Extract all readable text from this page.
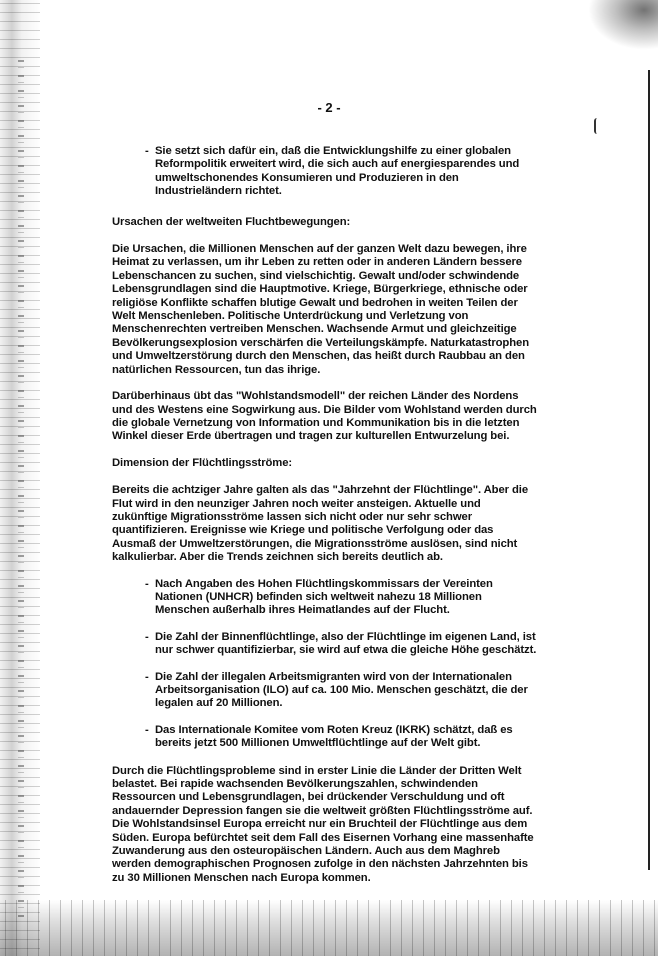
- 2 -

- Sie setzt sich dafür ein, daß die Entwicklungshilfe zu einer globalen Reformpolitik erweitert wird, die sich auch auf energiesparendes und umweltschonendes Konsumieren und Produzieren in den Industrieländern richtet.

Ursachen der weltweiten Fluchtbewegungen:

Die Ursachen, die Millionen Menschen auf der ganzen Welt dazu bewegen, ihre Heimat zu verlassen, um ihr Leben zu retten oder in anderen Ländern bessere Lebenschancen zu suchen, sind vielschichtig. Gewalt und/oder schwindende Lebensgrundlagen sind die Hauptmotive. Kriege, Bürgerkriege, ethnische oder religiöse Konflikte schaffen blutige Gewalt und bedrohen in weiten Teilen der Welt Menschenleben. Politische Unterdrückung und Verletzung von Menschenrechten vertreiben Menschen. Wachsende Armut und gleichzeitige Bevölkerungsexplosion verschärfen die Verteilungskämpfe. Naturkatastrophen und Umweltzerstörung durch den Menschen, das heißt durch Raubbau an den natürlichen Ressourcen, tun das ihrige.

Darüberhinaus übt das "Wohlstandsmodell" der reichen Länder des Nordens und des Westens eine Sogwirkung aus. Die Bilder vom Wohlstand werden durch die globale Vernetzung von Information und Kommunikation bis in die letzten Winkel dieser Erde übertragen und tragen zur kulturellen Entwurzelung bei.

Dimension der Flüchtlingsströme:

Bereits die achtziger Jahre galten als das "Jahrzehnt der Flüchtlinge". Aber die Flut wird in den neunziger Jahren noch weiter ansteigen. Aktuelle und zukünftige Migrationsströme lassen sich nicht oder nur sehr schwer quantifizieren. Ereignisse wie Kriege und politische Verfolgung oder das Ausmaß der Umweltzerstörungen, die Migrationsströme auslösen, sind nicht kalkulierbar. Aber die Trends zeichnen sich bereits deutlich ab.

- Nach Angaben des Hohen Flüchtlingskommissars der Vereinten Nationen (UNHCR) befinden sich weltweit nahezu 18 Millionen Menschen außerhalb ihres Heimatlandes auf der Flucht.

- Die Zahl der Binnenflüchtlinge, also der Flüchtlinge im eigenen Land, ist nur schwer quantifizierbar, sie wird auf etwa die gleiche Höhe geschätzt.

- Die Zahl der illegalen Arbeitsmigranten wird von der Internationalen Arbeitsorganisation (ILO) auf ca. 100 Mio. Menschen geschätzt, die der legalen auf 20 Millionen.

- Das Internationale Komitee vom Roten Kreuz (IKRK) schätzt, daß es bereits jetzt 500 Millionen Umweltflüchtlinge auf der Welt gibt.

Durch die Flüchtlingsprobleme sind in erster Linie die Länder der Dritten Welt belastet. Bei rapide wachsenden Bevölkerungszahlen, schwindenden Ressourcen und Lebensgrundlagen, bei drückender Verschuldung und oft andauernder Depression fangen sie die weltweit größten Flüchtlingsströme auf. Die Wohlstandsinsel Europa erreicht nur ein Bruchteil der Flüchtlinge aus dem Süden. Europa befürchtet seit dem Fall des Eisernen Vorhang eine massenhafte Zuwanderung aus den osteuropäischen Ländern. Auch aus dem Maghreb werden demographischen Prognosen zufolge in den nächsten Jahrzehnten bis zu 30 Millionen Menschen nach Europa kommen.
